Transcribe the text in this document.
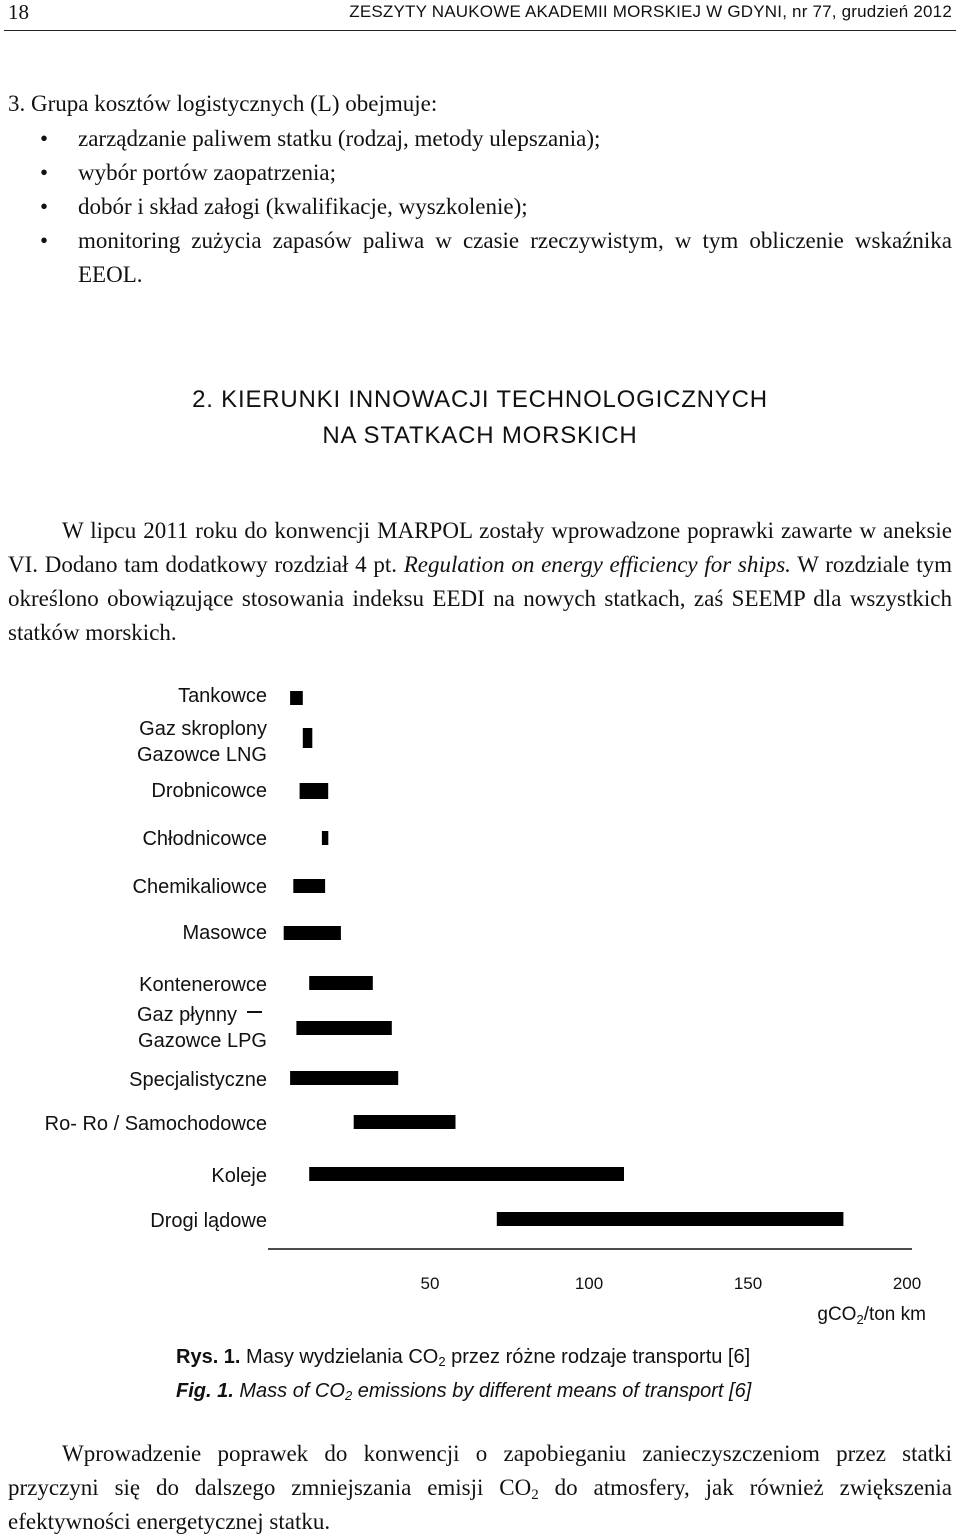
18	ZESZYTY NAUKOWE AKADEMII MORSKIEJ W GDYNI, nr 77, grudzień 2012
3. Grupa kosztów logistycznych (L) obejmuje:
• zarządzanie paliwem statku (rodzaj, metody ulepszania);
• wybór portów zaopatrzenia;
• dobór i skład załogi (kwalifikacje, wyszkolenie);
• monitoring zużycia zapasów paliwa w czasie rzeczywistym, w tym obliczenie wskaźnika EEOL.
2. KIERUNKI INNOWACJI TECHNOLOGICZNYCH
NA STATKACH MORSKICH

W lipcu 2011 roku do konwencji MARPOL zostały wprowadzone poprawki zawarte w aneksie VI. Dodano tam dodatkowy rozdział 4 pt. Regulation on energy efficiency for ships. W rozdziale tym określono obowiązujące stosowania indeksu EEDI na nowych statkach, zaś SEEMP dla wszystkich statków morskich.

Tankowce
Gaz skroplony
Gazowce LNG
Drobnicowce
Chłodnicowce
Chemikaliowce
Masowce
Kontenerowce
Gaz płynny
Gazowce LPG
Specjalistyczne
Ro- Ro / Samochodowce
Koleje
Drogi lądowe
50	100	150	200
gCO$_2$/ton km
Rys. 1. Masy wydzielania $CO_2$ przez różne rodzaje transportu [6]
Fig. 1. Mass of $CO_2$ emissions by different means of transport [6]

Wprowadzenie poprawek do konwencji o zapobieganiu zanieczyszczeniom przez statki przyczyni się do dalszego zmniejszania emisji $CO_2$ do atmosfery, jak również zwiększenia efektywności energetycznej statku.
